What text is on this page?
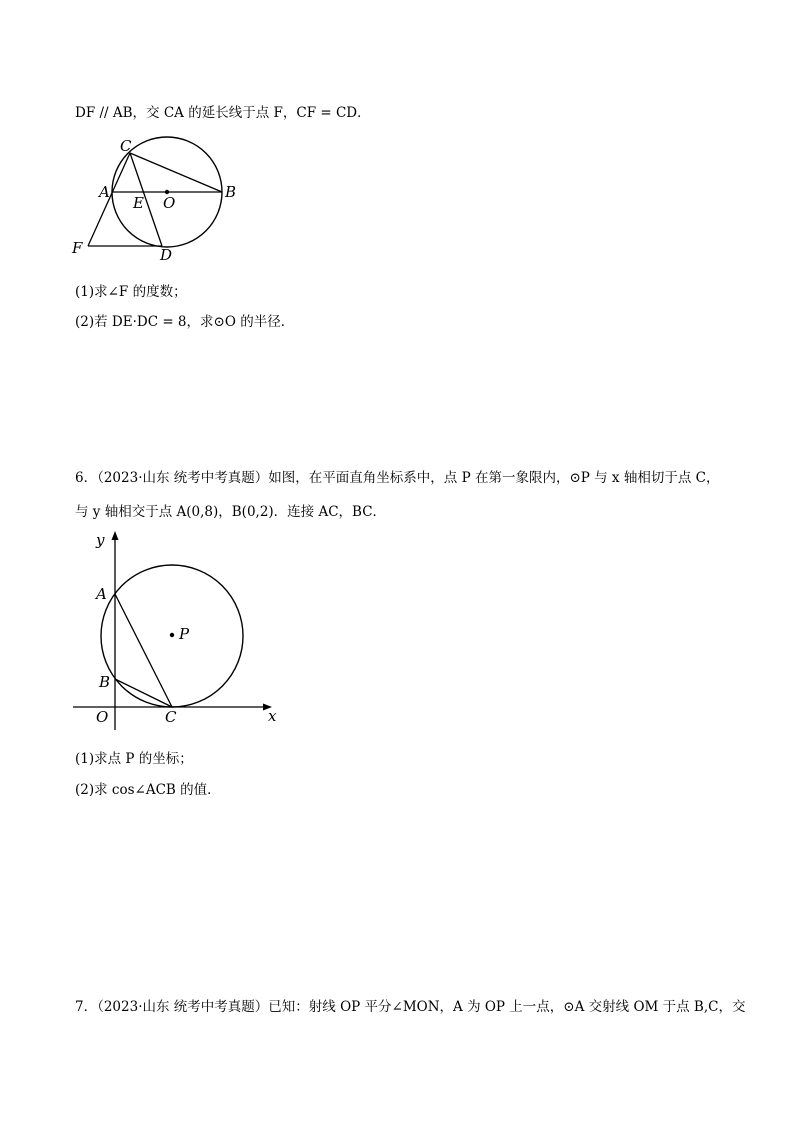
DF // AB，交 CA 的延长线于点 F，CF = CD．
C
A
E O
B
F	D
(1)求∠F 的度数；
(2)若 DE·DC = 8，求⊙O 的半径．
6．（2023·山东 统考中考真题）如图，在平面直角坐标系中，点 P 在第一象限内，⊙P 与 x 轴相切于点 C，
与 y 轴相交于点 A(0,8)，B(0,2)．连接 AC，BC．
y
A
P
B
O	C	x
(1)求点 P 的坐标；
(2)求 cos∠ACB 的值．
7．（2023·山东 统考中考真题）已知：射线 OP 平分∠MON，A 为 OP 上一点，⊙A 交射线 OM 于点 B,C，交
